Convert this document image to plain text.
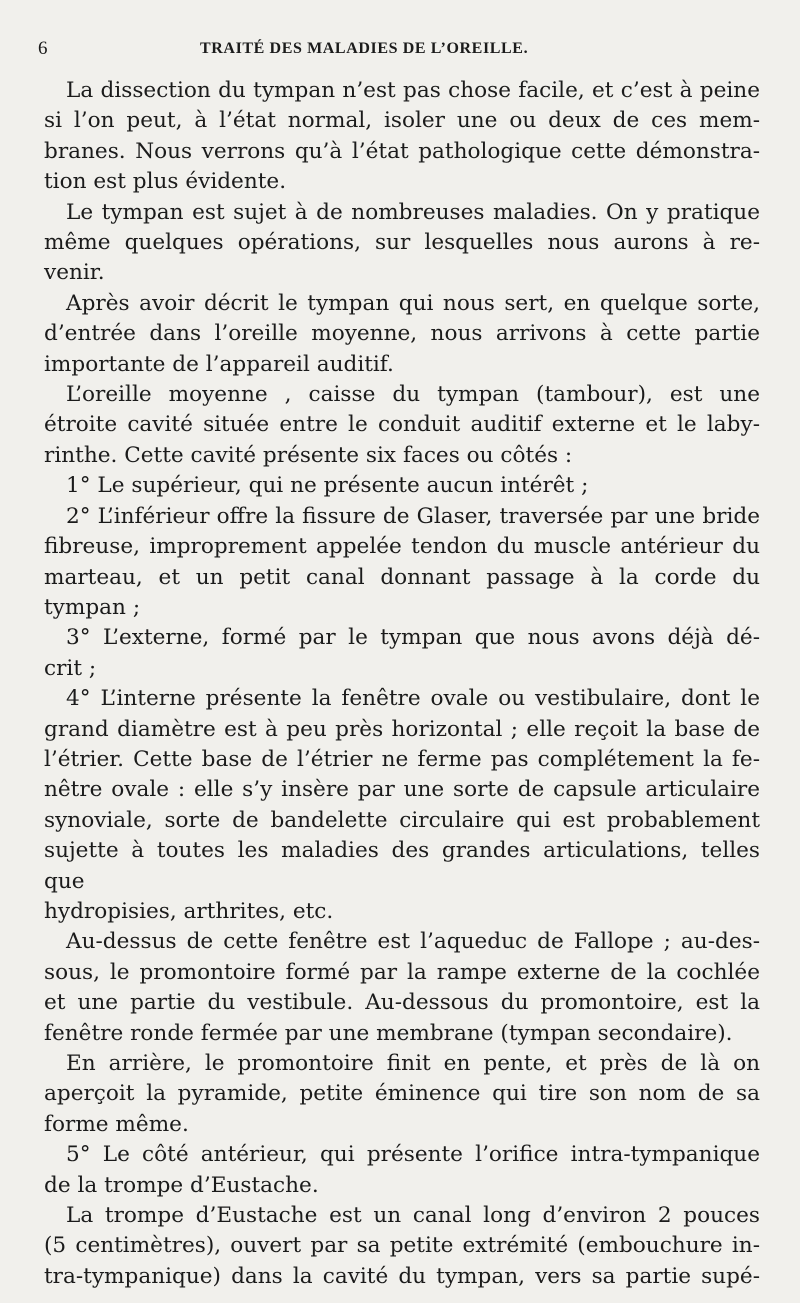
6	TRAITÉ DES MALADIES DE L’OREILLE.

La dissection du tympan n’est pas chose facile, et c’est à peine

si l’on peut, à l’état normal, isoler une ou deux de ces mem-

branes. Nous verrons qu’à l’état pathologique cette démonstra-

tion est plus évidente.

Le tympan est sujet à de nombreuses maladies. On y pratique

même quelques opérations, sur lesquelles nous aurons à re-

venir.

Après avoir décrit le tympan qui nous sert, en quelque sorte,

d’entrée dans l’oreille moyenne, nous arrivons à cette partie

importante de l’appareil auditif.

L’oreille moyenne , caisse du tympan (tambour), est une

étroite cavité située entre le conduit auditif externe et le laby-

rinthe. Cette cavité présente six faces ou côtés :

1° Le supérieur, qui ne présente aucun intérêt ;

2° L’inférieur offre la fissure de Glaser, traversée par une bride

fibreuse, improprement appelée tendon du muscle antérieur du

marteau, et un petit canal donnant passage à la corde du

tympan ;

3° L’externe, formé par le tympan que nous avons déjà dé-

crit ;

4° L’interne présente la fenêtre ovale ou vestibulaire, dont le

grand diamètre est à peu près horizontal ; elle reçoit la base de

l’étrier. Cette base de l’étrier ne ferme pas complétement la fe-

nêtre ovale : elle s’y insère par une sorte de capsule articulaire

synoviale, sorte de bandelette circulaire qui est probablement

sujette à toutes les maladies des grandes articulations, telles que

hydropisies, arthrites, etc.

Au-dessus de cette fenêtre est l’aqueduc de Fallope ; au-des-

sous, le promontoire formé par la rampe externe de la cochlée

et une partie du vestibule. Au-dessous du promontoire, est la

fenêtre ronde fermée par une membrane (tympan secondaire).

En arrière, le promontoire finit en pente, et près de là on

aperçoit la pyramide, petite éminence qui tire son nom de sa

forme même.

5° Le côté antérieur, qui présente l’orifice intra-tympanique

de la trompe d’Eustache.

La trompe d’Eustache est un canal long d’environ 2 pouces

(5 centimètres), ouvert par sa petite extrémité (embouchure in-

tra-tympanique) dans la cavité du tympan, vers sa partie supé-
